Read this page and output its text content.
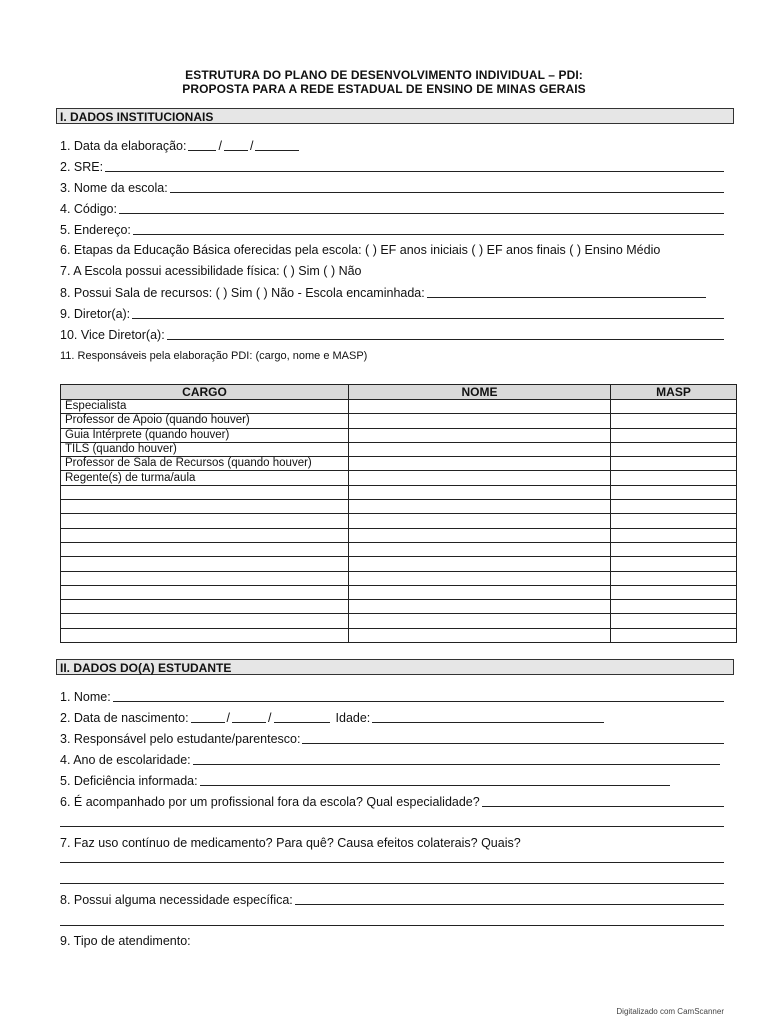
ESTRUTURA DO PLANO DE DESENVOLVIMENTO INDIVIDUAL – PDI:
PROPOSTA PARA A REDE ESTADUAL DE ENSINO DE MINAS GERAIS
I. DADOS INSTITUCIONAIS
1. Data da elaboração:	/ /
2. SRE:
3. Nome da escola:
4. Código:
5. Endereço:
6. Etapas da Educação Básica oferecidas pela escola: ( ) EF anos iniciais ( ) EF anos finais ( ) Ensino Médio
7. A Escola possui acessibilidade física: ( ) Sim ( ) Não
8. Possui Sala de recursos: ( ) Sim ( ) Não - Escola encaminhada:
9. Diretor(a):
10. Vice Diretor(a):
11. Responsáveis pela elaboração PDI: (cargo, nome e MASP)
CARGO	NOME	MASP
Especialista		
Professor de Apoio (quando houver)		
Guia Intérprete (quando houver)		
TILS (quando houver)		
Professor de Sala de Recursos (quando houver)		
Regente(s) de turma/aula		

II. DADOS DO(A) ESTUDANTE
1. Nome:
2. Data de nascimento:	/	/	Idade:
3. Responsável pelo estudante/parentesco:
4. Ano de escolaridade:
5. Deficiência informada:
6. É acompanhado por um profissional fora da escola? Qual especialidade?
7. Faz uso contínuo de medicamento? Para quê? Causa efeitos colaterais? Quais?
8. Possui alguma necessidade específica:
9. Tipo de atendimento:
Digitalizado com CamScanner
